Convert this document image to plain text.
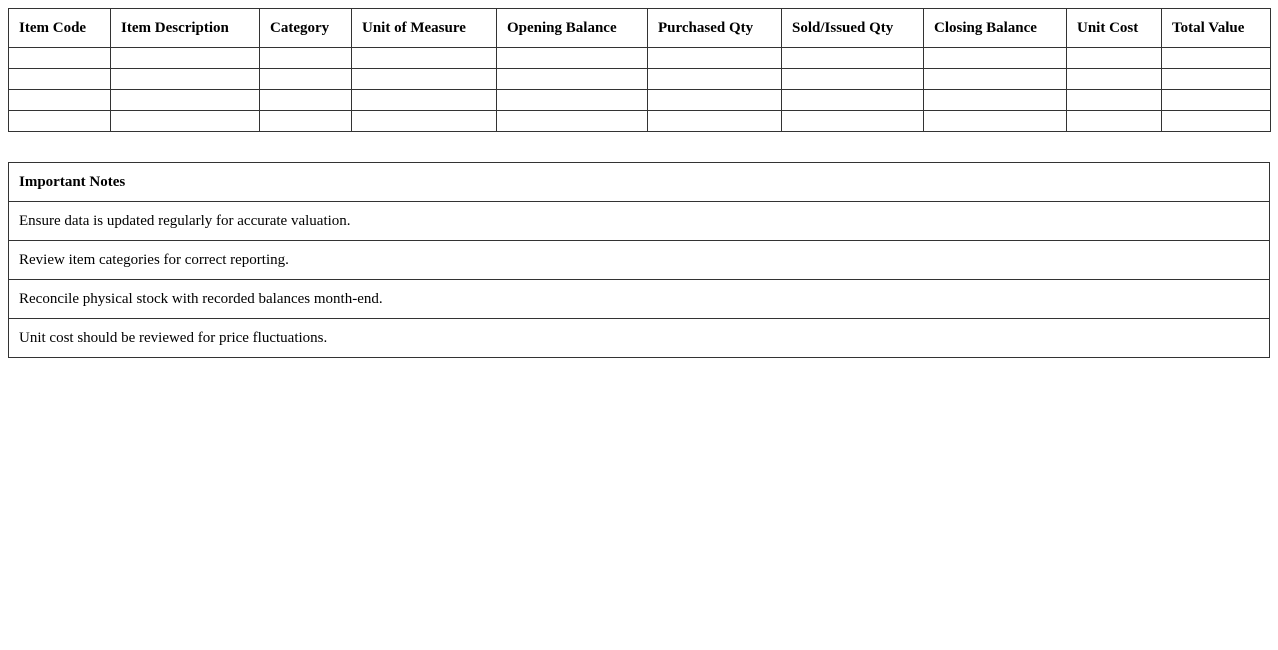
Item Code	Item Description	Category	Unit of Measure	Opening Balance	Purchased Qty	Sold/Issued Qty	Closing Balance	Unit Cost	Total Value

Important Notes
Ensure data is updated regularly for accurate valuation.
Review item categories for correct reporting.
Reconcile physical stock with recorded balances month-end.
Unit cost should be reviewed for price fluctuations.
